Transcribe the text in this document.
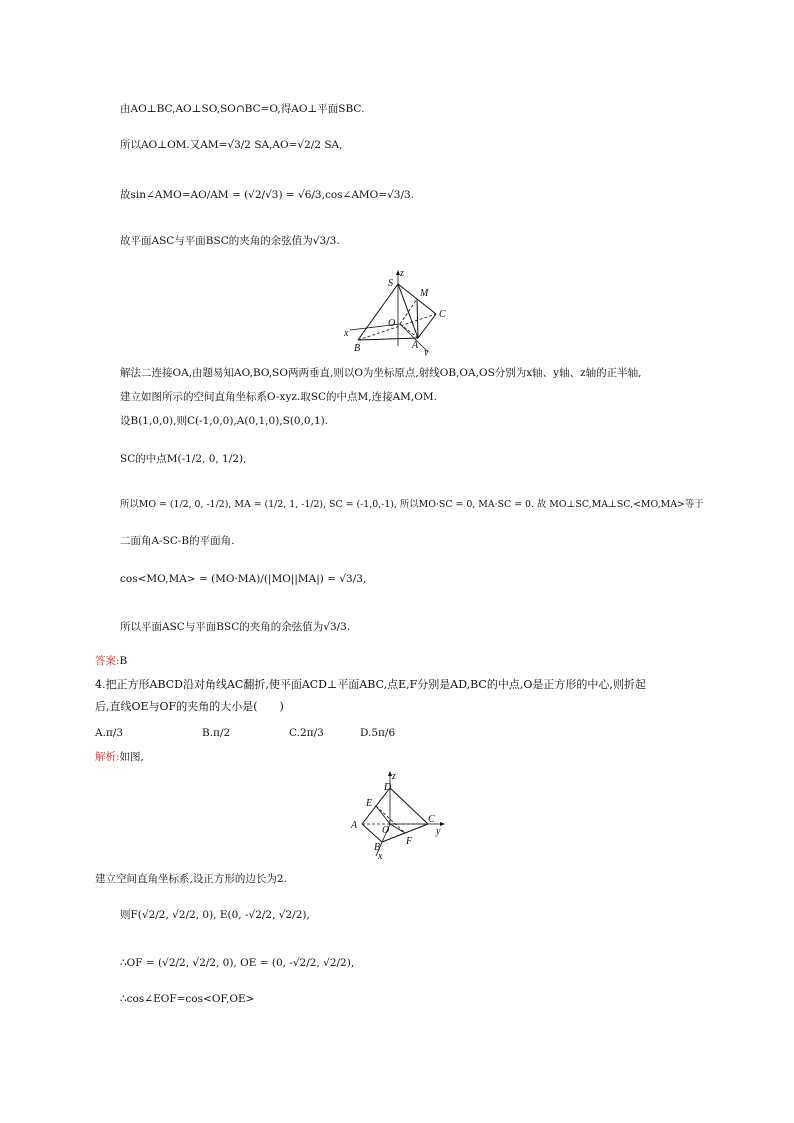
由AO⊥BC,AO⊥SO,SO∩BC=O,得AO⊥平面SBC.
所以AO⊥OM.又AM=√3/2 SA,AO=√2/2 SA,
故sin∠AMO=AO/AM = (√2/√3) = √6/3,cos∠AMO=√3/3.
故平面ASC与平面BSC的夹角的余弦值为√3/3.
z
S
M
C
O
x
B	A
y
解法二连接OA,由题易知AO,BO,SO两两垂直,则以O为坐标原点,射线OB,OA,OS分别为x轴、y轴、z轴的正半轴,
建立如图所示的空间直角坐标系O-xyz.取SC的中点M,连接AM,OM.
设B(1,0,0),则C(-1,0,0),A(0,1,0),S(0,0,1).
SC的中点M(-1/2, 0, 1/2),
所以MO = (1/2, 0, -1/2), MA = (1/2, 1, -1/2), SC = (-1,0,-1), 所以MO·SC = 0, MA·SC = 0. 故 MO⊥SC,MA⊥SC,<MO,MA>等于
二面角A-SC-B的平面角.
cos<MO,MA> = (MO·MA)/(|MO||MA|) = √3/3,
所以平面ASC与平面BSC的夹角的余弦值为√3/3.
答案:B
4.把正方形ABCD沿对角线AC翻折,使平面ACD⊥平面ABC,点E,F分别是AD,BC的中点,O是正方形的中心,则折起
后,直线OE与OF的夹角的大小是(　　)
A.π/3	B.π/2	C.2π/3	D.5π/6
解析:如图,
z
D
E
A O
C
y
B
F
x
建立空间直角坐标系,设正方形的边长为2.
则F(√2/2, √2/2, 0), E(0, -√2/2, √2/2),
∴OF = (√2/2, √2/2, 0), OE = (0, -√2/2, √2/2),
∴cos∠EOF=cos<OF,OE>
